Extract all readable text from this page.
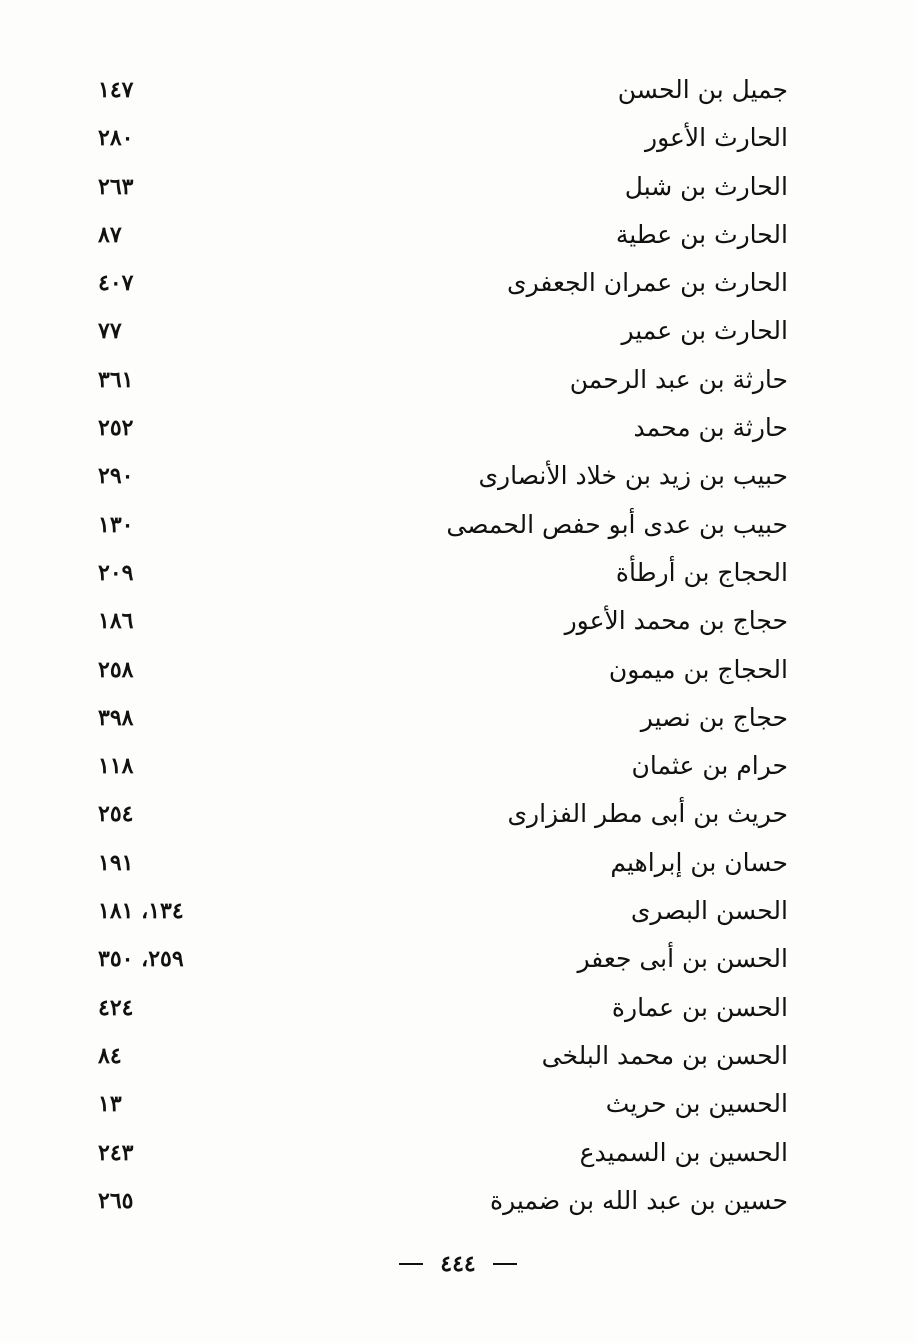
جميل بن الحسن
١٤٧
الحارث الأعور
٢٨٠
الحارث بن شبل
٢٦٣
الحارث بن عطية
٨٧
الحارث بن عمران الجعفرى
٤٠٧
الحارث بن عمير
٧٧
حارثة بن عبد الرحمن
٣٦١
حارثة بن محمد
٢٥٢
حبيب بن زيد بن خلاد الأنصارى
٢٩٠
حبيب بن عدى أبو حفص الحمصى
١٣٠
الحجاج بن أرطأة
٢٠٩
حجاج بن محمد الأعور
١٨٦
الحجاج بن ميمون
٢٥٨
حجاج بن نصير
٣٩٨
حرام بن عثمان
١١٨
حريث بن أبى مطر الفزارى
٢٥٤
حسان بن إبراهيم
١٩١
الحسن البصرى
١٣٤، ١٨١
الحسن بن أبى جعفر
٢٥٩، ٣٥٠
الحسن بن عمارة
٤٢٤
الحسن بن محمد البلخى
٨٤
الحسين بن حريث
١٣
الحسين بن السميدع
٢٤٣
حسين بن عبد الله بن ضميرة
٢٦٥
٤٤٤
